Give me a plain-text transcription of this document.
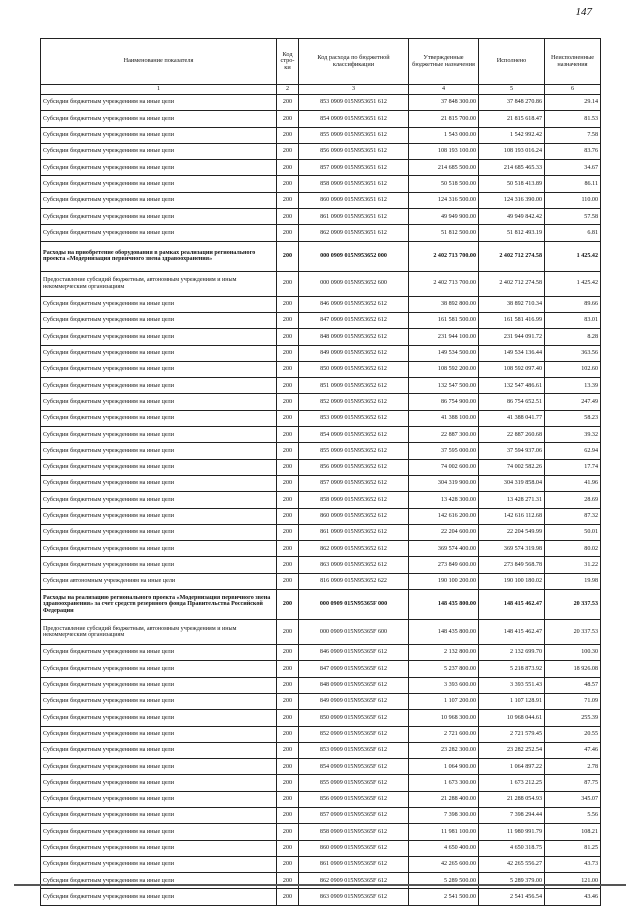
147
Наименование показателя	Код стро- ки	Код расхода по бюджетной классификации	Утвержденные бюджетные назначения	Исполнено	Неисполненные назначения
1	2	3	4	5	6
Субсидии бюджетным учреждениям на иные цели	200	853 0909 015N953651 612	37 848 300.00	37 848 270.86	29.14
Субсидии бюджетным учреждениям на иные цели	200	854 0909 015N953651 612	21 815 700.00	21 815 618.47	81.53
Субсидии бюджетным учреждениям на иные цели	200	855 0909 015N953651 612	1 543 000.00	1 542 992.42	7.58
Субсидии бюджетным учреждениям на иные цели	200	856 0909 015N953651 612	108 193 100.00	108 193 016.24	83.76
Субсидии бюджетным учреждениям на иные цели	200	857 0909 015N953651 612	214 685 500.00	214 685 465.33	34.67
Субсидии бюджетным учреждениям на иные цели	200	858 0909 015N953651 612	50 518 500.00	50 518 413.89	86.11
Субсидии бюджетным учреждениям на иные цели	200	860 0909 015N953651 612	124 316 500.00	124 316 390.00	110.00
Субсидии бюджетным учреждениям на иные цели	200	861 0909 015N953651 612	49 949 900.00	49 949 842.42	57.58
Субсидии бюджетным учреждениям на иные цели	200	862 0909 015N953651 612	51 812 500.00	51 812 493.19	6.81
Расходы на приобретение оборудования в рамках реализации регионального проекта «Модернизация первичного звена здравоохранения»	200	000 0909 015N953652 000	2 402 713 700.00	2 402 712 274.58	1 425.42
Предоставление субсидий бюджетным, автономным учреждениям и иным некоммерческим организациям	200	000 0909 015N953652 600	2 402 713 700.00	2 402 712 274.58	1 425.42
Субсидии бюджетным учреждениям на иные цели	200	846 0909 015N953652 612	38 892 800.00	38 892 710.34	89.66
Субсидии бюджетным учреждениям на иные цели	200	847 0909 015N953652 612	161 581 500.00	161 581 416.99	83.01
Субсидии бюджетным учреждениям на иные цели	200	848 0909 015N953652 612	231 944 100.00	231 944 091.72	8.28
Субсидии бюджетным учреждениям на иные цели	200	849 0909 015N953652 612	149 534 500.00	149 534 136.44	363.56
Субсидии бюджетным учреждениям на иные цели	200	850 0909 015N953652 612	108 592 200.00	108 592 097.40	102.60
Субсидии бюджетным учреждениям на иные цели	200	851 0909 015N953652 612	132 547 500.00	132 547 486.61	13.39
Субсидии бюджетным учреждениям на иные цели	200	852 0909 015N953652 612	86 754 900.00	86 754 652.51	247.49
Субсидии бюджетным учреждениям на иные цели	200	853 0909 015N953652 612	41 388 100.00	41 388 041.77	58.23
Субсидии бюджетным учреждениям на иные цели	200	854 0909 015N953652 612	22 887 300.00	22 887 260.68	39.32
Субсидии бюджетным учреждениям на иные цели	200	855 0909 015N953652 612	37 595 000.00	37 594 937.06	62.94
Субсидии бюджетным учреждениям на иные цели	200	856 0909 015N953652 612	74 002 600.00	74 002 582.26	17.74
Субсидии бюджетным учреждениям на иные цели	200	857 0909 015N953652 612	304 319 900.00	304 319 858.04	41.96
Субсидии бюджетным учреждениям на иные цели	200	858 0909 015N953652 612	13 428 300.00	13 428 271.31	28.69
Субсидии бюджетным учреждениям на иные цели	200	860 0909 015N953652 612	142 616 200.00	142 616 112.68	87.32
Субсидии бюджетным учреждениям на иные цели	200	861 0909 015N953652 612	22 204 600.00	22 204 549.99	50.01
Субсидии бюджетным учреждениям на иные цели	200	862 0909 015N953652 612	369 574 400.00	369 574 319.98	80.02
Субсидии бюджетным учреждениям на иные цели	200	863 0909 015N953652 612	273 849 600.00	273 849 568.78	31.22
Субсидии автономным учреждениям на иные цели	200	816 0909 015N953652 622	190 100 200.00	190 100 180.02	19.98
Расходы на реализацию регионального проекта «Модернизация первичного звена здравоохранения» за счет средств резервного фонда Правительства Российской Федерации	200	000 0909 015N95365F 000	148 435 800.00	148 415 462.47	20 337.53
Предоставление субсидий бюджетным, автономным учреждениям и иным некоммерческим организациям	200	000 0909 015N95365F 600	148 435 800.00	148 415 462.47	20 337.53
Субсидии бюджетным учреждениям на иные цели	200	846 0909 015N95365F 612	2 132 800.00	2 132 699.70	100.30
Субсидии бюджетным учреждениям на иные цели	200	847 0909 015N95365F 612	5 237 800.00	5 218 873.92	18 926.08
Субсидии бюджетным учреждениям на иные цели	200	848 0909 015N95365F 612	3 393 600.00	3 393 551.43	48.57
Субсидии бюджетным учреждениям на иные цели	200	849 0909 015N95365F 612	1 107 200.00	1 107 128.91	71.09
Субсидии бюджетным учреждениям на иные цели	200	850 0909 015N95365F 612	10 968 300.00	10 968 044.61	255.39
Субсидии бюджетным учреждениям на иные цели	200	852 0909 015N95365F 612	2 721 600.00	2 721 579.45	20.55
Субсидии бюджетным учреждениям на иные цели	200	853 0909 015N95365F 612	23 282 300.00	23 282 252.54	47.46
Субсидии бюджетным учреждениям на иные цели	200	854 0909 015N95365F 612	1 064 900.00	1 064 897.22	2.78
Субсидии бюджетным учреждениям на иные цели	200	855 0909 015N95365F 612	1 673 300.00	1 673 212.25	87.75
Субсидии бюджетным учреждениям на иные цели	200	856 0909 015N95365F 612	21 288 400.00	21 288 054.93	345.07
Субсидии бюджетным учреждениям на иные цели	200	857 0909 015N95365F 612	7 398 300.00	7 398 294.44	5.56
Субсидии бюджетным учреждениям на иные цели	200	858 0909 015N95365F 612	11 981 100.00	11 980 991.79	108.21
Субсидии бюджетным учреждениям на иные цели	200	860 0909 015N95365F 612	4 650 400.00	4 650 318.75	81.25
Субсидии бюджетным учреждениям на иные цели	200	861 0909 015N95365F 612	42 265 600.00	42 265 556.27	43.73
Субсидии бюджетным учреждениям на иные цели	200	862 0909 015N95365F 612	5 289 500.00	5 289 379.00	121.00
Субсидии бюджетным учреждениям на иные цели	200	863 0909 015N95365F 612	2 541 500.00	2 541 456.54	43.46
